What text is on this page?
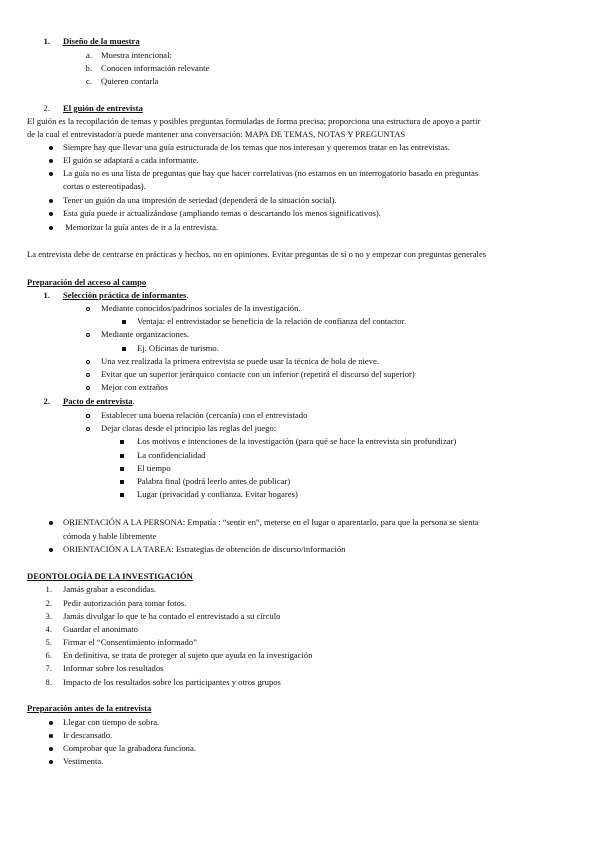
1. Diseño de la muestra
a. Muestra intencional:
b. Conocen información relevante
c. Quieren contarla
2. El guión de entrevista
El guión es la recopilación de temas y posibles preguntas formuladas de forma precisa; proporciona una estructura de apoyo a partir
de la cual el entrevistador/a puede mantener una conversación: MAPA DE TEMAS, NOTAS Y PREGUNTAS
Siempre hay que llevar una guía estructurada de los temas que nos interesan y queremos tratar en las entrevistas.
El guión se adaptará a cada informante.
La guía no es una lista de preguntas que hay que hacer correlativas (no estamos en un interrogatorio basado en preguntas
cortas o estereotipadas).
Tener un guión da una impresión de seriedad (dependerá de la situación social).
Esta guía puede ir actualizándose (ampliando temas o descartando los menos significativos).
Memorizar la guía antes de ir a la entrevista.
La entrevista debe de centrarse en prácticas y hechos, no en opiniones. Evitar preguntas de sí o no y empezar con preguntas generales
Preparación del acceso al campo
1. Selección práctica de informantes.
Mediante conocidos/padrinos sociales de la investigación.
Ventaja: el entrevistador se beneficia de la relación de confianza del contactor.
Mediante organizaciones.
Ej. Oficinas de turismo.
Una vez realizada la primera entrevista se puede usar la técnica de bola de nieve.
Evitar que un superior jerárquico contacte con un inferior (repetirá el discurso del superior)
Mejor con extraños
2. Pacto de entrevista.
Establecer una buena relación (cercanía) con el entrevistado
Dejar claras desde el principio las reglas del juego:
Los motivos e intenciones de la investigación (para qué se hace la entrevista sin profundizar)
La confidencialidad
El tiempo
Palabra final (podrá leerlo antes de publicar)
Lugar (privacidad y confianza. Evitar hogares)
ORIENTACIÓN A LA PERSONA: Empatía : “sentir en”, meterse en el lugar o aparentarlo, para que la persona se sienta
cómoda y hable libremente
ORIENTACIÓN A LA TAREA: Estrategias de obtención de discurso/información
DEONTOLOGÍA DE LA INVESTIGACIÓN
1. Jamás grabar a escondidas.
2. Pedir autorización para tomar fotos.
3. Jamás divulgar lo que te ha contado el entrevistado a su círculo
4. Guardar el anonimato
5. Firmar el “Consentimiento informado”
6. En definitiva, se trata de proteger al sujeto que ayuda en la investigación
7. Informar sobre los resultados
8. Impacto de los resultados sobre los participantes y otros grupos
Preparación antes de la entrevista
Llegar con tiempo de sobra.
Ir descansado.
Comprobar que la grabadora funciona.
Vestimenta.
